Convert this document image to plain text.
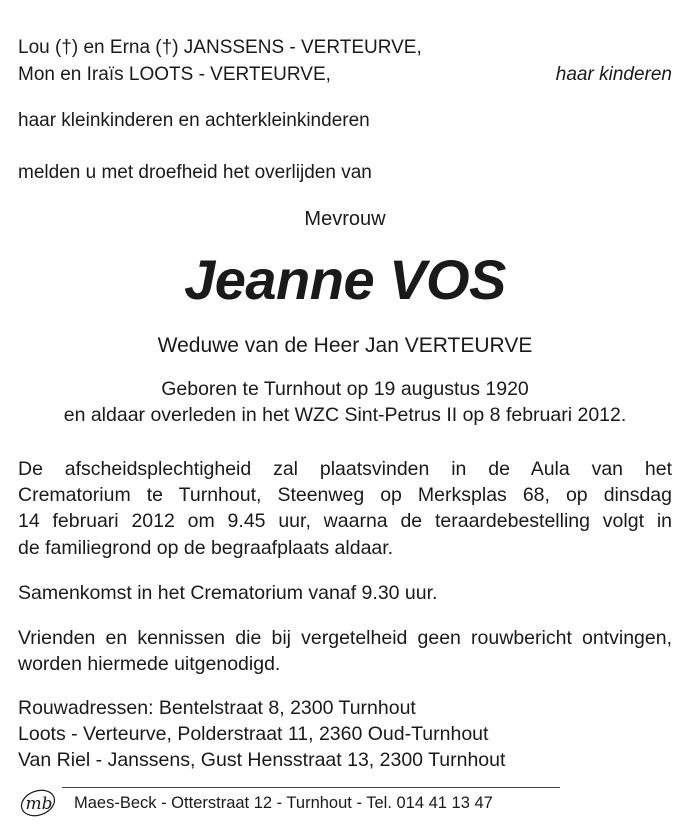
Lou (†) en Erna (†) JANSSENS - VERTEURVE,
Mon en Iraïs LOOTS - VERTEURVE,	haar kinderen
haar kleinkinderen en achterkleinkinderen
melden u met droefheid het overlijden van
Mevrouw
Jeanne VOS
Weduwe van de Heer Jan VERTEURVE
Geboren te Turnhout op 19 augustus 1920
en aldaar overleden in het WZC Sint-Petrus II op 8 februari 2012.
De afscheidsplechtigheid zal plaatsvinden in de Aula van het
Crematorium te Turnhout, Steenweg op Merksplas 68, op dinsdag
14 februari 2012 om 9.45 uur, waarna de teraardebestelling volgt in
de familiegrond op de begraafplaats aldaar.
Samenkomst in het Crematorium vanaf 9.30 uur.
Vrienden en kennissen die bij vergetelheid geen rouwbericht ontvingen,
worden hiermede uitgenodigd.
Rouwadressen: Bentelstraat 8, 2300 Turnhout
Loots - Verteurve, Polderstraat 11, 2360 Oud-Turnhout
Van Riel - Janssens, Gust Hensstraat 13, 2300 Turnhout
mb Maes-Beck - Otterstraat 12 - Turnhout - Tel. 014 41 13 47
